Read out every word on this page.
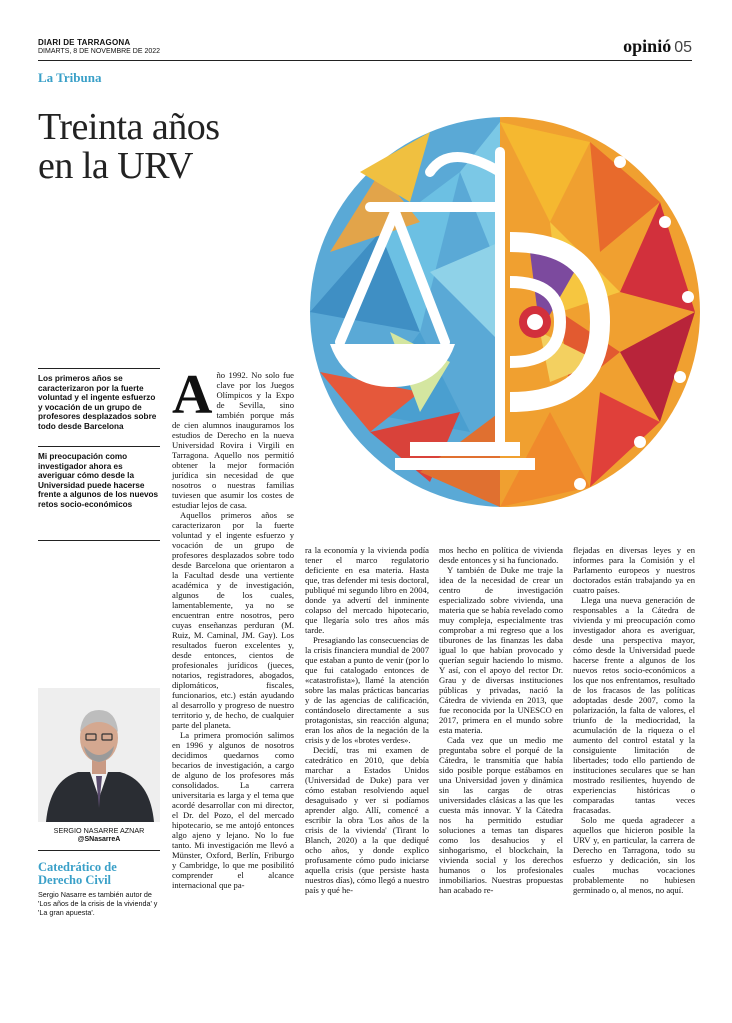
DIARI DE TARRAGONA
DIMARTS, 8 DE NOVEMBRE DE 2022	opinió 05
La Tribuna
Treinta años
en la URV
Los primeros años se caracterizaron por la fuerte voluntad y el ingente esfuerzo y vocación de un grupo de profesores desplazados sobre todo desde Barcelona
Mi preocupación como investigador ahora es averiguar cómo desde la Universidad puede hacerse frente a algunos de los nuevos retos socio-económicos
SERGIO NASARRE AZNAR
@SNasarreA
Catedrático de Derecho Civil
Sergio Nasarre es también autor de 'Los años de la crisis de la vivienda' y 'La gran apuesta'.
A ño 1992. No solo fue clave por los Juegos Olímpicos y la Expo de Sevilla, sino también porque más de cien alumnos inauguramos los estudios de Derecho en la nueva Universidad Rovira i Virgili en Tarragona. Aquello nos permitió obtener la mejor formación jurídica sin necesidad de que nosotros o nuestras familias tuviesen que asumir los costes de estudiar lejos de casa.

Aquellos primeros años se caracterizaron por la fuerte voluntad y el ingente esfuerzo y vocación de un grupo de profesores desplazados sobre todo desde Barcelona que orientaron a la Facultad desde una vertiente académica y de investigación, algunos de los cuales, lamentablemente, ya no se encuentran entre nosotros, pero cuyas enseñanzas perduran (M. Ruiz, M. Caminal, JM. Gay). Los resultados fueron excelentes y, desde entonces, cientos de profesionales jurídicos (jueces, notarios, registradores, abogados, diplomáticos, fiscales, funcionarios, etc.) están ayudando al desarrollo y progreso de nuestro territorio y, de hecho, de cualquier parte del planeta.

La primera promoción salimos en 1996 y algunos de nosotros decidimos quedarnos como becarios de investigación, a cargo de alguno de los profesores más consolidados. La carrera universitaria es larga y el tema que acordé desarrollar con mi director, el Dr. del Pozo, el del mercado hipotecario, se me antojó entonces algo ajeno y lejano. No lo fue tanto. Mi investigación me llevó a Münster, Oxford, Berlín, Friburgo y Cambridge, lo que me posibilitó comprender el alcance internacional que pa-

ra la economía y la vivienda podía tener el marco regulatorio deficiente en esa materia. Hasta que, tras defender mi tesis doctoral, publiqué mi segundo libro en 2004, donde ya advertí del inminente colapso del mercado hipotecario, que llegaría solo tres años más tarde.

Presagiando las consecuencias de la crisis financiera mundial de 2007 que estaban a punto de venir (por lo que fui catalogado entonces de «catastrofista»), llamé la atención sobre las malas prácticas bancarias y de las agencias de calificación, contándoselo directamente a sus protagonistas, sin reacción alguna; eran los años de la negación de la crisis y de los «brotes verdes».

Decidí, tras mi examen de catedrático en 2010, que debía marchar a Estados Unidos (Universidad de Duke) para ver cómo estaban resolviendo aquel desaguisado y ver si podíamos aprender algo. Allí, comencé a escribir la obra 'Los años de la crisis de la vivienda' (Tirant lo Blanch, 2020) a la que dediqué ocho años, y donde explico profusamente cómo pudo iniciarse aquella crisis (que persiste hasta nuestros días), cómo llegó a nuestro país y qué he-

mos hecho en política de vivienda desde entonces y si ha funcionado.

Y también de Duke me traje la idea de la necesidad de crear un centro de investigación especializado sobre vivienda, una materia que se había revelado como muy compleja, especialmente tras comprobar a mi regreso que a los tiburones de las finanzas les daba igual lo que habían provocado y querían seguir haciendo lo mismo. Y así, con el apoyo del rector Dr. Grau y de diversas instituciones públicas y privadas, nació la Cátedra de vivienda en 2013, que fue reconocida por la UNESCO en 2017, primera en el mundo sobre esta materia.

Cada vez que un medio me preguntaba sobre el porqué de la Cátedra, le transmitía que había sido posible porque estábamos en una Universidad joven y dinámica sin las cargas de otras universidades clásicas a las que les cuesta más innovar. Y la Cátedra nos ha permitido estudiar soluciones a temas tan dispares como los desahucios y el sinhogarismo, el blockchain, la vivienda social y los derechos humanos o los profesionales inmobiliarios. Nuestras propuestas han acabado re-

flejadas en diversas leyes y en informes para la Comisión y el Parlamento europeos y nuestros doctorados están trabajando ya en cuatro países.

Llega una nueva generación de responsables a la Cátedra de vivienda y mi preocupación como investigador ahora es averiguar, desde una perspectiva mayor, cómo desde la Universidad puede hacerse frente a algunos de los nuevos retos socio-económicos a los que nos enfrentamos, resultado de los fracasos de las políticas adoptadas desde 2007, como la polarización, la falta de valores, el triunfo de la mediocridad, la acumulación de la riqueza o el aumento del control estatal y la consiguiente limitación de libertades; todo ello partiendo de instituciones seculares que se han mostrado resilientes, huyendo de experiencias históricas o comparadas tantas veces fracasadas.

Solo me queda agradecer a aquellos que hicieron posible la URV y, en particular, la carrera de Derecho en Tarragona, todo su esfuerzo y dedicación, sin los cuales muchas vocaciones probablemente no hubiesen germinado o, al menos, no aquí.
